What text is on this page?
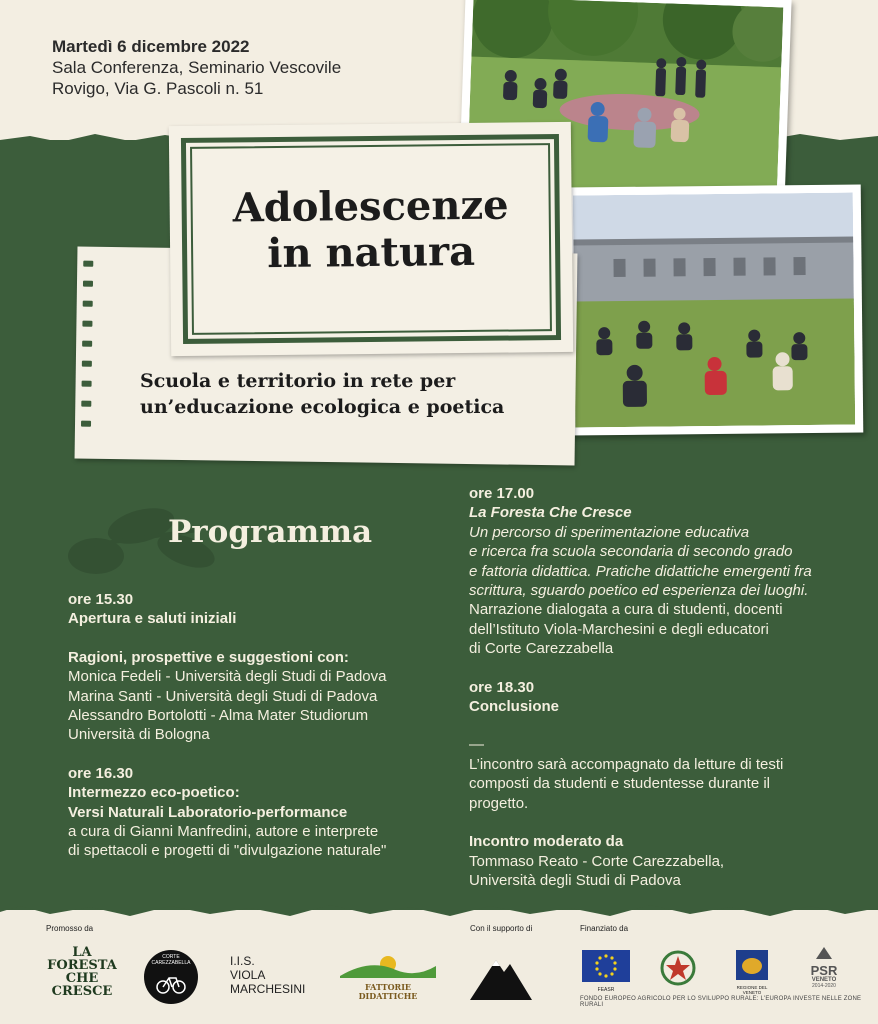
Martedì 6 dicembre 2022
Sala Conferenza, Seminario Vescovile
Rovigo, Via G. Pascoli n. 51
Adolescenze
in natura
Scuola e territorio in rete per
un’educazione ecologica e poetica
Programma

ore 15.30

Apertura e saluti iniziali

Ragioni, prospettive e suggestioni con:

Monica Fedeli - Università degli Studi di Padova

Marina Santi - Università degli Studi di Padova

Alessandro Bortolotti - Alma Mater Studiorum

Università di Bologna

ore 16.30

Intermezzo eco-poetico:

Versi Naturali Laboratorio-performance

a cura di Gianni Manfredini, autore e interprete

di spettacoli e progetti di "divulgazione naturale"

ore 17.00

La Foresta Che Cresce

Un percorso di sperimentazione educativa

e ricerca fra scuola secondaria di secondo grado

e fattoria didattica. Pratiche didattiche emergenti fra

scrittura, sguardo poetico ed esperienza dei luoghi.

Narrazione dialogata a cura di studenti, docenti

dell’Istituto Viola-Marchesini e degli educatori

di Corte Carezzabella

ore 18.30

Conclusione

—

L’incontro sarà accompagnato da letture di testi

composti da studenti e studentesse durante il

progetto.

Incontro moderato da

Tommaso Reato - Corte Carezzabella,

Università degli Studi di Padova

Promosso da	Con il supporto di	Finanziato da
LA
FORESTA
CHE
CRESCE
CORTE CAREZZABELLA	I.I.S.
VIOLA
MARCHESINI	FATTORIE
DIDATTICHE
FEASR	REGIONE DEL VENETO
PSR
VENETO
2014-2020
FONDO EUROPEO AGRICOLO PER LO SVILUPPO RURALE: L'EUROPA INVESTE NELLE ZONE RURALI
